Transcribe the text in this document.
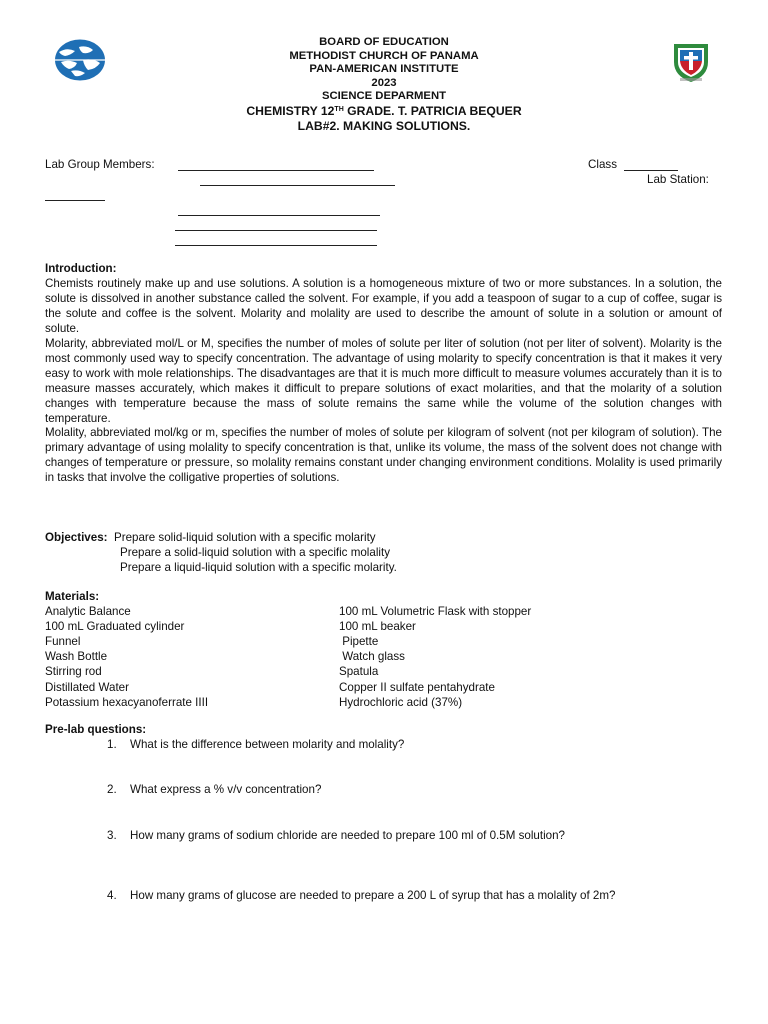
BOARD OF EDUCATION
METHODIST CHURCH OF PANAMA
PAN-AMERICAN INSTITUTE
2023
SCIENCE DEPARMENT
CHEMISTRY 12TH GRADE. T. PATRICIA BEQUER
LAB#2. MAKING SOLUTIONS.
Lab Group Members:	Class
Lab Station:
Introduction:

Chemists routinely make up and use solutions. A solution is a homogeneous mixture of two or more substances. In a solution, the solute is dissolved in another substance called the solvent. For example, if you add a teaspoon of sugar to a cup of coffee, sugar is the solute and coffee is the solvent. Molarity and molality are used to describe the amount of solute in a solution or amount of solute.

Molarity, abbreviated mol/L or M, specifies the number of moles of solute per liter of solution (not per liter of solvent). Molarity is the most commonly used way to specify concentration. The advantage of using molarity to specify concentration is that it makes it very easy to work with mole relationships. The disadvantages are that it is much more difficult to measure volumes accurately than it is to measure masses accurately, which makes it difficult to prepare solutions of exact molarities, and that the molarity of a solution changes with temperature because the mass of solute remains the same while the volume of the solution changes with temperature.

Molality, abbreviated mol/kg or m, specifies the number of moles of solute per kilogram of solvent (not per kilogram of solution). The primary advantage of using molality to specify concentration is that, unlike its volume, the mass of the solvent does not change with changes of temperature or pressure, so molality remains constant under changing environment conditions. Molality is used primarily in tasks that involve the colligative properties of solutions.

Objectives: Prepare solid-liquid solution with a specific molarity
Prepare a solid-liquid solution with a specific molality
Prepare a liquid-liquid solution with a specific molarity.
Materials:
Analytic Balance	100 mL Volumetric Flask with stopper
100 mL Graduated cylinder	100 mL beaker
Funnel	Pipette
Wash Bottle	Watch glass
Stirring rod	Spatula
Distillated Water	Copper II sulfate pentahydrate
Potassium hexacyanoferrate IIII	Hydrochloric acid (37%)
Pre-lab questions:
1. What is the difference between molarity and molality?
2. What express a % v/v concentration?
3. How many grams of sodium chloride are needed to prepare 100 ml of 0.5M solution?
4. How many grams of glucose are needed to prepare a 200 L of syrup that has a molality of 2m?
